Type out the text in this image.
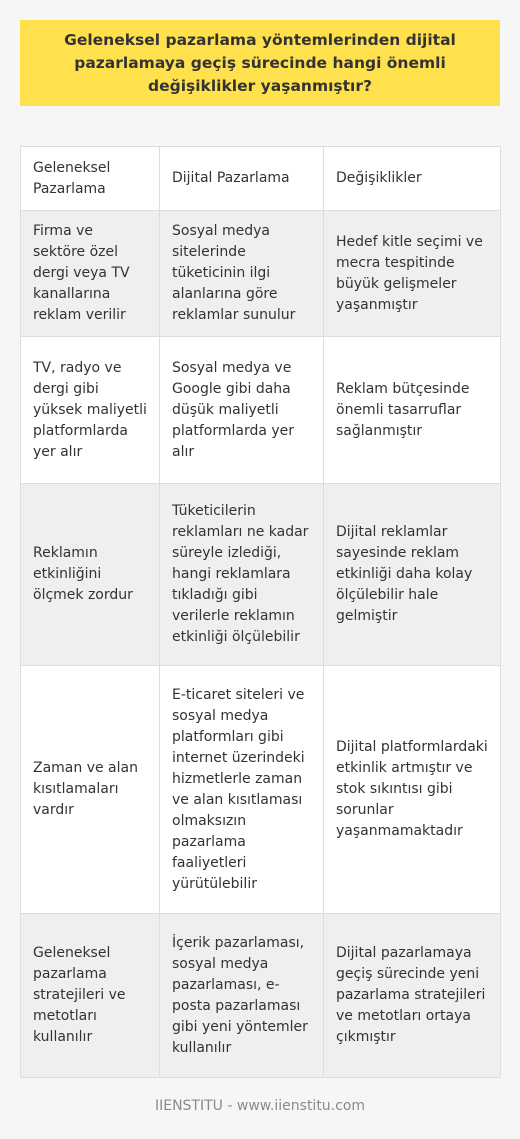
Geleneksel pazarlama yöntemlerinden dijital pazarlamaya geçiş sürecinde hangi önemli değişiklikler yaşanmıştır?
Geleneksel Pazarlama	Dijital Pazarlama	Değişiklikler
Firma ve sektöre özel dergi veya TV kanallarına reklam verilir	Sosyal medya sitelerinde tüketicinin ilgi alanlarına göre reklamlar sunulur	Hedef kitle seçimi ve mecra tespitinde büyük gelişmeler yaşanmıştır
TV, radyo ve dergi gibi yüksek maliyetli platformlarda yer alır	Sosyal medya ve Google gibi daha düşük maliyetli platformlarda yer alır	Reklam bütçesinde önemli tasarruflar sağlanmıştır
Reklamın etkinliğini ölçmek zordur	Tüketicilerin reklamları ne kadar süreyle izlediği, hangi reklamlara tıkladığı gibi verilerle reklamın etkinliği ölçülebilir	Dijital reklamlar sayesinde reklam etkinliği daha kolay ölçülebilir hale gelmiştir
Zaman ve alan kısıtlamaları vardır	E-ticaret siteleri ve sosyal medya platformları gibi internet üzerindeki hizmetlerle zaman ve alan kısıtlaması olmaksızın pazarlama faaliyetleri yürütülebilir	Dijital platformlardaki etkinlik artmıştır ve stok sıkıntısı gibi sorunlar yaşanmamaktadır
Geleneksel pazarlama stratejileri ve metotları kullanılır	İçerik pazarlaması, sosyal medya pazarlaması, e-posta pazarlaması gibi yeni yöntemler kullanılır	Dijital pazarlamaya geçiş sürecinde yeni pazarlama stratejileri ve metotları ortaya çıkmıştır
IIENSTITU - www.iienstitu.com
